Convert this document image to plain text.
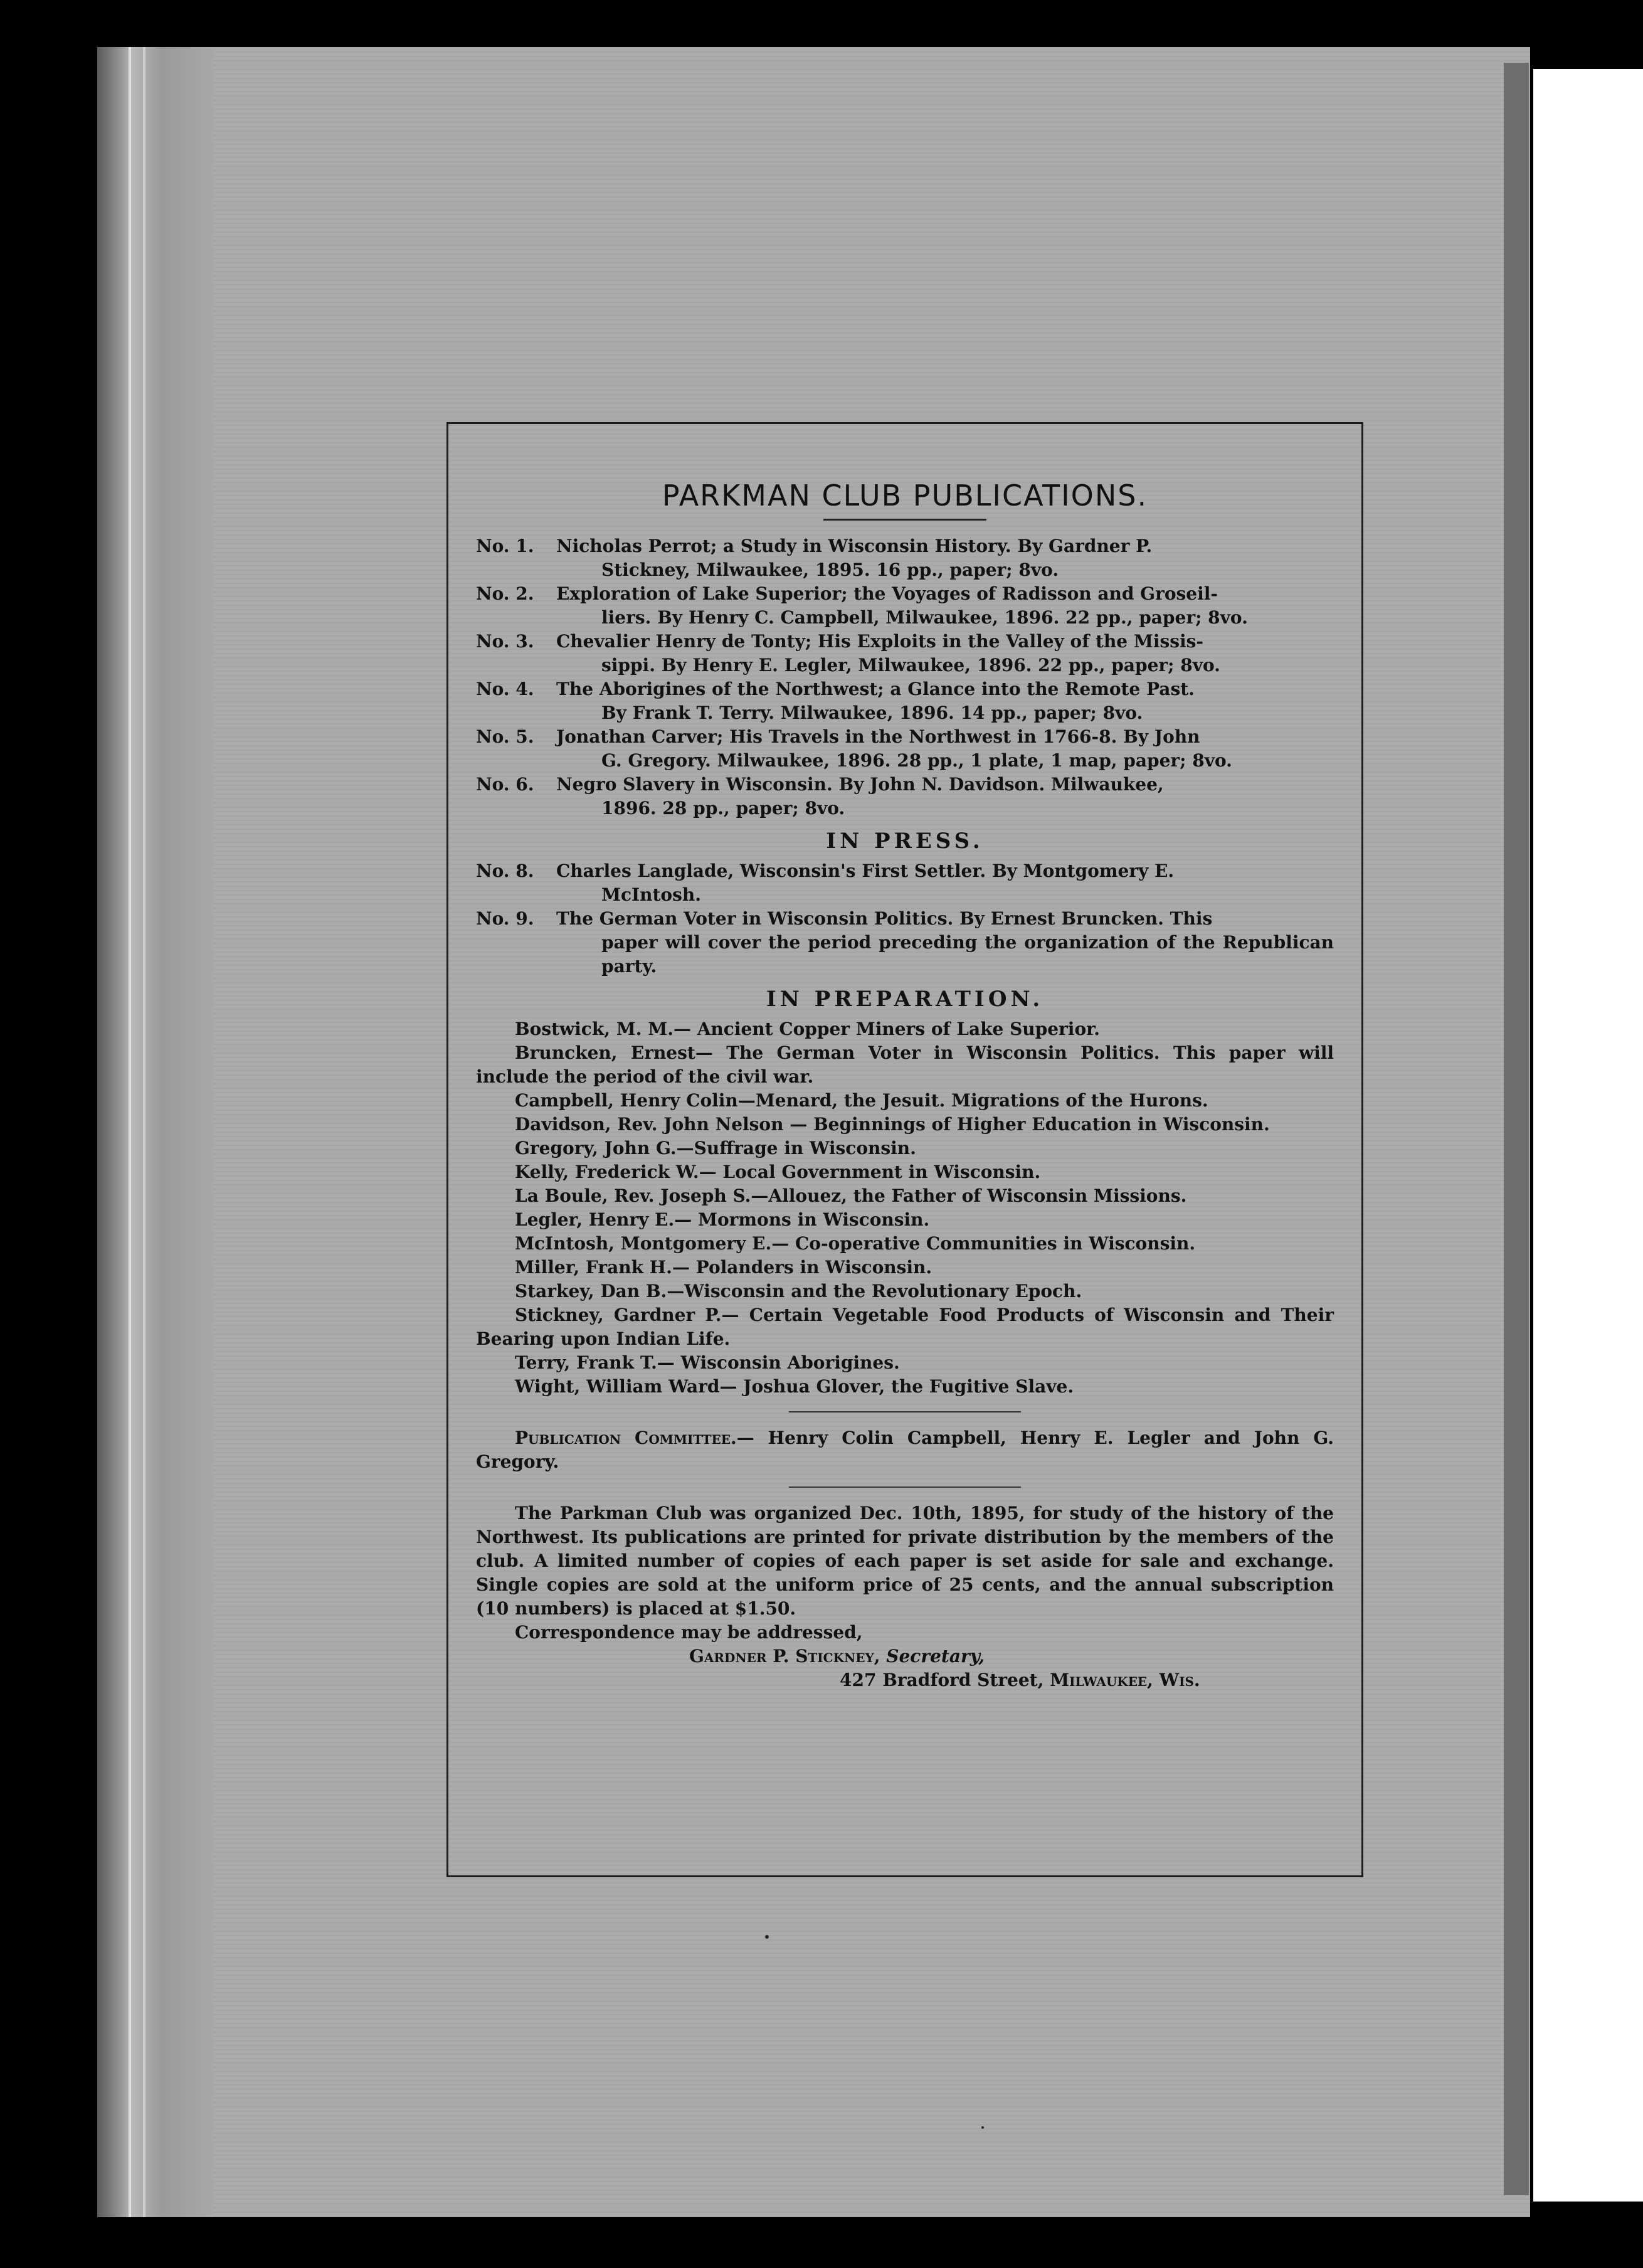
PARKMAN CLUB PUBLICATIONS.
No. 1.	Nicholas Perrot; a Study in Wisconsin History. By Gardner P.
Stickney, Milwaukee, 1895. 16 pp., paper; 8vo.
No. 2.	Exploration of Lake Superior; the Voyages of Radisson and Groseil-
liers. By Henry C. Campbell, Milwaukee, 1896. 22 pp., paper; 8vo.
No. 3.	Chevalier Henry de Tonty; His Exploits in the Valley of the Missis-
sippi. By Henry E. Legler, Milwaukee, 1896. 22 pp., paper; 8vo.
No. 4.	The Aborigines of the Northwest; a Glance into the Remote Past.
By Frank T. Terry. Milwaukee, 1896. 14 pp., paper; 8vo.
No. 5.	Jonathan Carver; His Travels in the Northwest in 1766-8. By John
G. Gregory. Milwaukee, 1896. 28 pp., 1 plate, 1 map, paper; 8vo.
No. 6.	Negro Slavery in Wisconsin. By John N. Davidson. Milwaukee,
1896. 28 pp., paper; 8vo.
IN PRESS.
No. 8.	Charles Langlade, Wisconsin's First Settler. By Montgomery E.
McIntosh.
No. 9.	The German Voter in Wisconsin Politics. By Ernest Bruncken. This
paper will cover the period preceding the organization of the Republican party.
IN PREPARATION.

Bostwick, M. M.— Ancient Copper Miners of Lake Superior.

Bruncken, Ernest— The German Voter in Wisconsin Politics. This paper will include the period of the civil war.

Campbell, Henry Colin—Menard, the Jesuit. Migrations of the Hurons.

Davidson, Rev. John Nelson — Beginnings of Higher Education in Wisconsin.

Gregory, John G.—Suffrage in Wisconsin.

Kelly, Frederick W.— Local Government in Wisconsin.

La Boule, Rev. Joseph S.—Allouez, the Father of Wisconsin Missions.

Legler, Henry E.— Mormons in Wisconsin.

McIntosh, Montgomery E.— Co-operative Communities in Wisconsin.

Miller, Frank H.— Polanders in Wisconsin.

Starkey, Dan B.—Wisconsin and the Revolutionary Epoch.

Stickney, Gardner P.— Certain Vegetable Food Products of Wisconsin and Their Bearing upon Indian Life.

Terry, Frank T.— Wisconsin Aborigines.

Wight, William Ward— Joshua Glover, the Fugitive Slave.

Publication Committee.— Henry Colin Campbell, Henry E. Legler and John G. Gregory.

The Parkman Club was organized Dec. 10th, 1895, for study of the history of the Northwest. Its publications are printed for private distribution by the members of the club. A limited number of copies of each paper is set aside for sale and exchange. Single copies are sold at the uniform price of 25 cents, and the annual subscription (10 numbers) is placed at $1.50.

Correspondence may be addressed,

Gardner P. Stickney, Secretary,

427 Bradford Street, Milwaukee, Wis.
